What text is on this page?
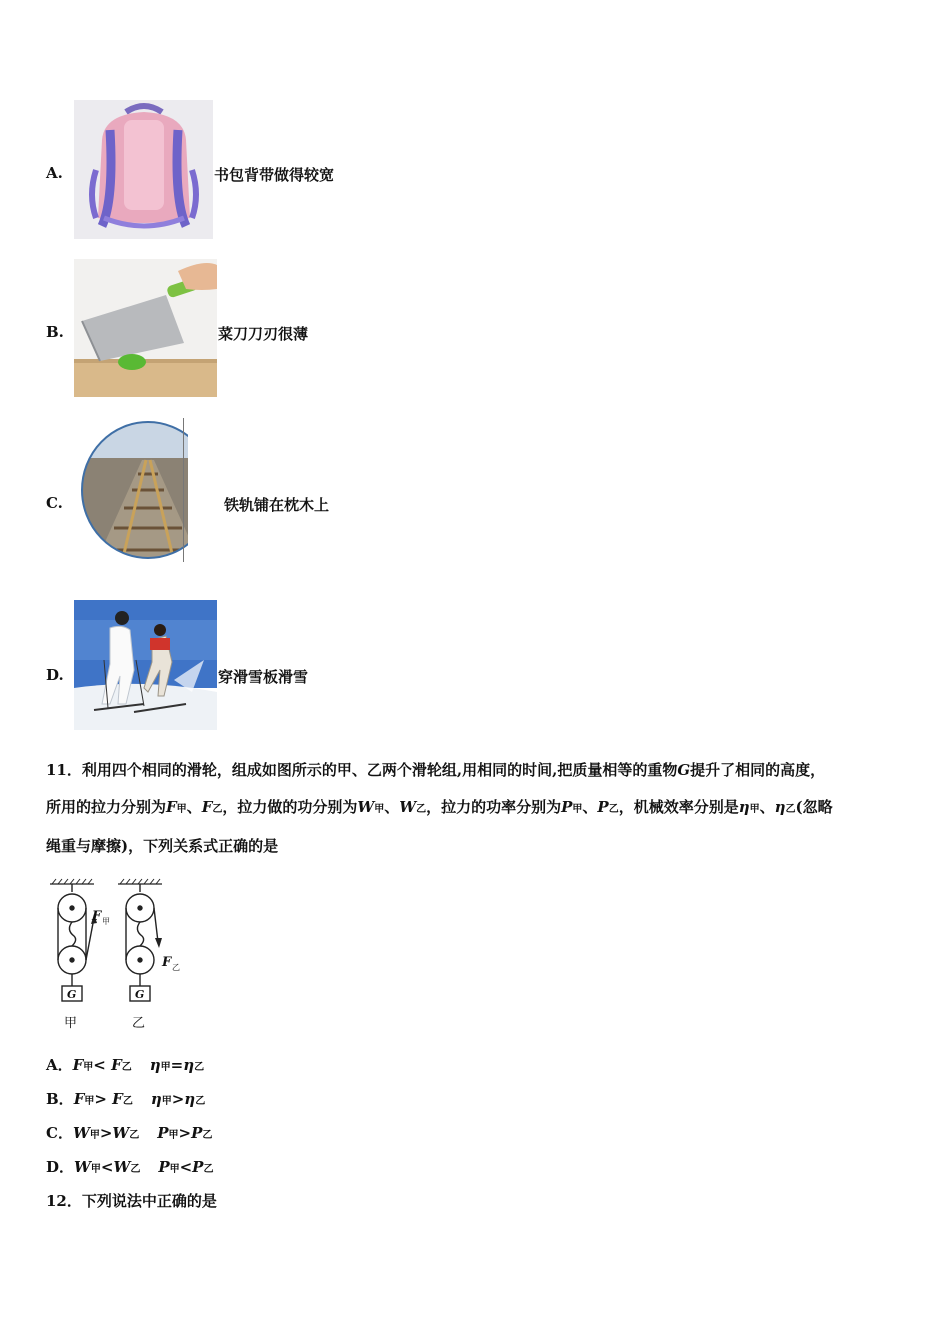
A.	书包背带做得较宽
B.	菜刀刀刃很薄
C.	铁轨铺在枕木上
D.	穿滑雪板滑雪
11．利用四个相同的滑轮，组成如图所示的甲、乙两个滑轮组,用相同的时间,把质量相等的重物G提升了相同的高度，
所用的拉力分别为F甲、F乙，拉力做的功分别为W甲、W乙，拉力的功率分别为P甲、P乙，机械效率分别是η甲、η乙(忽略
绳重与摩擦)，下列关系式正确的是
F 甲
G
甲
F 乙
G
乙
A．F甲< F乙 η甲=η乙
B．F甲> F乙 η甲>η乙
C．W甲>W乙 P甲>P乙
D．W甲<W乙 P甲<P乙
12．下列说法中正确的是
